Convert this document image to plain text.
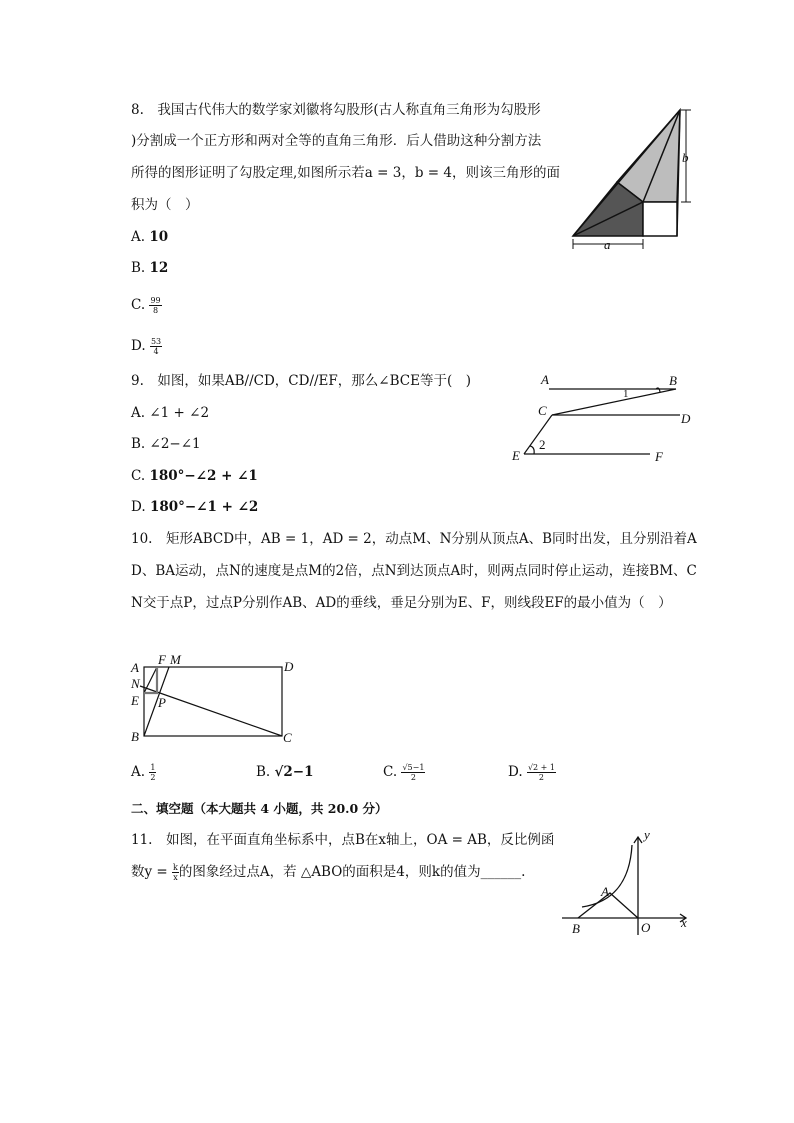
8.　我国古代伟大的数学家刘徽将勾股形(古人称直角三角形为勾股形
)分割成一个正方形和两对全等的直角三角形．后人借助这种分割方法
所得的图形证明了勾股定理,如图所示若a = 3，b = 4，则该三角形的面
积为（　）
A. 10
B. 12
C. $\frac{99}{8}$
D. $\frac{53}{4}$
9.　如图，如果AB//CD，CD//EF，那么∠BCE等于(　)
A. ∠1 + ∠2
B. ∠2−∠1
C. 180°−∠2 + ∠1
D. 180°−∠1 + ∠2
10.　矩形ABCD中，AB = 1，AD = 2，动点M、N分别从顶点A、B同时出发，且分别沿着A
D、BA运动，点N的速度是点M的2倍，点N到达顶点A时，则两点同时停止运动，连接BM、C
N交于点P，过点P分别作AB、AD的垂线，垂足分别为E、F，则线段EF的最小值为（　）
A. $\frac{1}{2}$	B. √2−1	C. $\frac{√5-1}{2}$	D. $\frac{√2 + 1}{2}$
二、填空题（本大题共 4 小题，共 20.0 分）
11.　如图，在平面直角坐标系中，点B在x轴上，OA = AB，反比例函
数$y = \frac{k}{x}$ 的图象经过点A，若 △ABO的面积是4，则k的值为______.
b
a
A	B
C
D
E	F
1
2
A
F M	D
N
E P
B	C
y
x
A
B	O
